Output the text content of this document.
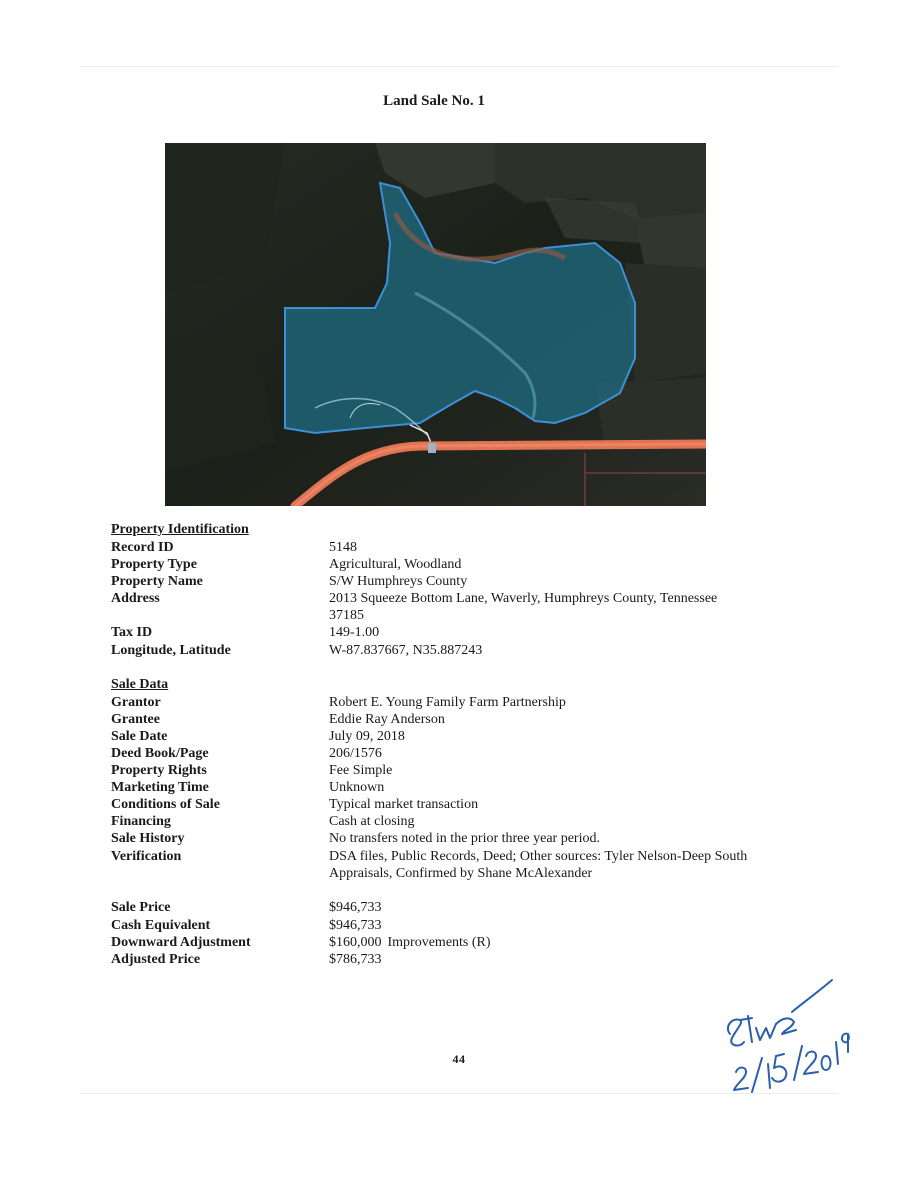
Land Sale No. 1
Property Identification
Record ID	5148
Property Type	Agricultural, Woodland
Property Name	S/W Humphreys County
Address	2013 Squeeze Bottom Lane, Waverly, Humphreys County, Tennessee 37185
Tax ID	149-1.00
Longitude, Latitude	W-87.837667, N35.887243
Sale Data
Grantor	Robert E. Young Family Farm Partnership
Grantee	Eddie Ray Anderson
Sale Date	July 09, 2018
Deed Book/Page	206/1576
Property Rights	Fee Simple
Marketing Time	Unknown
Conditions of Sale	Typical market transaction
Financing	Cash at closing
Sale History	No transfers noted in the prior three year period.
Verification	DSA files, Public Records, Deed; Other sources: Tyler Nelson-Deep South Appraisals, Confirmed by Shane McAlexander
Sale Price	$946,733
Cash Equivalent	$946,733
Downward Adjustment	$160,000 Improvements (R)
Adjusted Price	$786,733
44
